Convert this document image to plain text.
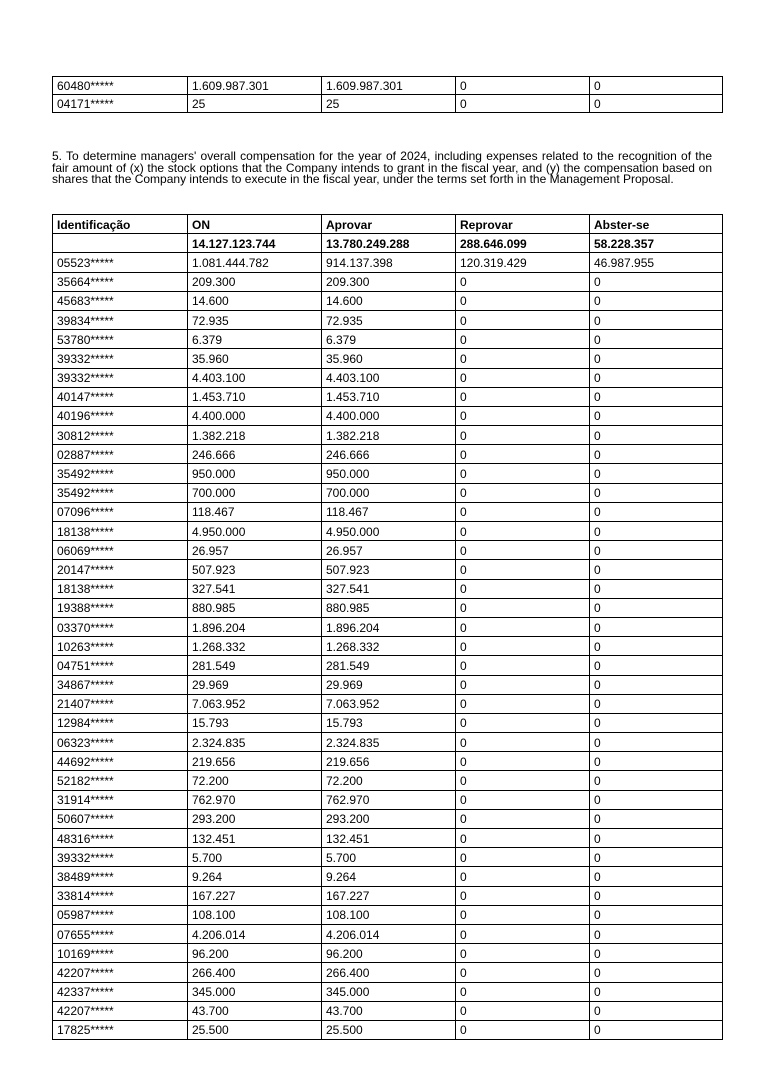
60480*****	1.609.987.301	1.609.987.301	0	0
04171*****	25	25	0	0

5. To determine managers' overall compensation for the year of 2024, including expenses related to the recognition of the fair amount of (x) the stock options that the Company intends to grant in the fiscal year, and (y) the compensation based on shares that the Company intends to execute in the fiscal year, under the terms set forth in the Management Proposal.

Identificação	ON	Aprovar	Reprovar	Abster-se
	14.127.123.744	13.780.249.288	288.646.099	58.228.357
05523*****	1.081.444.782	914.137.398	120.319.429	46.987.955
35664*****	209.300	209.300	0	0
45683*****	14.600	14.600	0	0
39834*****	72.935	72.935	0	0
53780*****	6.379	6.379	0	0
39332*****	35.960	35.960	0	0
39332*****	4.403.100	4.403.100	0	0
40147*****	1.453.710	1.453.710	0	0
40196*****	4.400.000	4.400.000	0	0
30812*****	1.382.218	1.382.218	0	0
02887*****	246.666	246.666	0	0
35492*****	950.000	950.000	0	0
35492*****	700.000	700.000	0	0
07096*****	118.467	118.467	0	0
18138*****	4.950.000	4.950.000	0	0
06069*****	26.957	26.957	0	0
20147*****	507.923	507.923	0	0
18138*****	327.541	327.541	0	0
19388*****	880.985	880.985	0	0
03370*****	1.896.204	1.896.204	0	0
10263*****	1.268.332	1.268.332	0	0
04751*****	281.549	281.549	0	0
34867*****	29.969	29.969	0	0
21407*****	7.063.952	7.063.952	0	0
12984*****	15.793	15.793	0	0
06323*****	2.324.835	2.324.835	0	0
44692*****	219.656	219.656	0	0
52182*****	72.200	72.200	0	0
31914*****	762.970	762.970	0	0
50607*****	293.200	293.200	0	0
48316*****	132.451	132.451	0	0
39332*****	5.700	5.700	0	0
38489*****	9.264	9.264	0	0
33814*****	167.227	167.227	0	0
05987*****	108.100	108.100	0	0
07655*****	4.206.014	4.206.014	0	0
10169*****	96.200	96.200	0	0
42207*****	266.400	266.400	0	0
42337*****	345.000	345.000	0	0
42207*****	43.700	43.700	0	0
17825*****	25.500	25.500	0	0
